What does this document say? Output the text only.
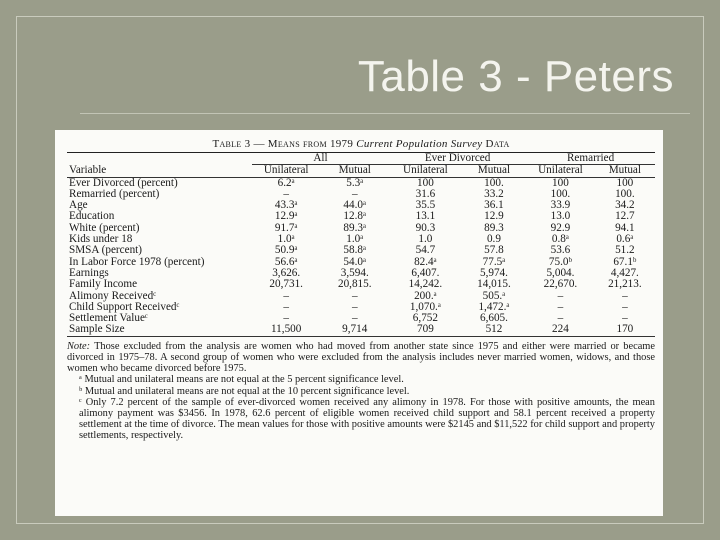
Table 3 - Peters
Table 3 — Means from 1979 Current Population Survey Data
	All		Ever Divorced		Remarried	
Variable	Unilateral	Mutual	Unilateral	Mutual	Unilateral	Mutual

Ever Divorced (percent)	6.2ᵃ	5.3ᵃ	100	100.	100	100
Remarried (percent)	–	–	31.6	33.2	100.	100.
Age	43.3ᵃ	44.0ᵃ	35.5	36.1	33.9	34.2
Education	12.9ᵃ	12.8ᵃ	13.1	12.9	13.0	12.7
White (percent)	91.7ᵃ	89.3ᵃ	90.3	89.3	92.9	94.1
Kids under 18	1.0ᵃ	1.0ᵃ	1.0	0.9	0.8ᵃ	0.6ᵃ
SMSA (percent)	50.9ᵃ	58.8ᵃ	54.7	57.8	53.6	51.2
In Labor Force 1978 (percent)	56.6ᵃ	54.0ᵃ	82.4ᵃ	77.5ᵃ	75.0ᵇ	67.1ᵇ
Earnings	3,626.	3,594.	6,407.	5,974.	5,004.	4,427.
Family Income	20,731.	20,815.	14,242.	14,015.	22,670.	21,213.
Alimony Receivedᶜ	–	–	200.ᵃ	505.ᵃ	–	–
Child Support Receivedᶜ	–	–	1,070.ᵃ	1,472.ᵃ	–	–
Settlement Valueᶜ	–	–	6,752	6,605.	–	–
Sample Size	11,500	9,714	709	512	224	170

Note: Those excluded from the analysis are women who had moved from another state since 1975 and either were married or became divorced in 1975–78. A second group of women who were excluded from the analysis includes never married women, widows, and those women who became divorced before 1975.

ᵃ Mutual and unilateral means are not equal at the 5 percent significance level.

ᵇ Mutual and unilateral means are not equal at the 10 percent significance level.

ᶜ Only 7.2 percent of the sample of ever-divorced women received any alimony in 1978. For those with positive amounts, the mean alimony payment was $3456. In 1978, 62.6 percent of eligible women received child support and 58.1 percent received a property settlement at the time of divorce. The mean values for those with positive amounts were $2145 and $11,522 for child support and property settlements, respectively.
